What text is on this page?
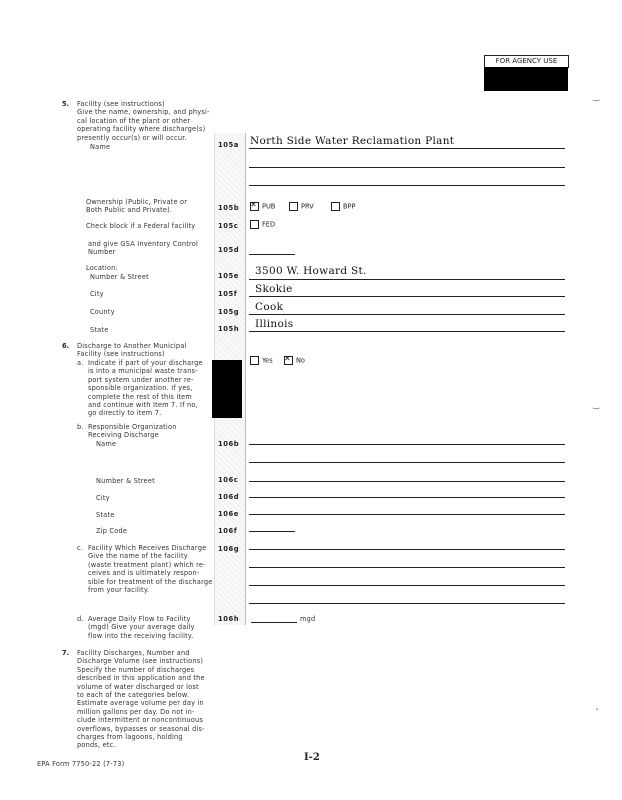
FOR AGENCY USE
5. Facility (see instructions)
Give the name, ownership, and physi-
cal location of the plant or other
operating facility where discharge(s)
presently occur(s) or will occur.
Name	105a North Side Water Reclamation Plant
Ownership (Public, Private or
Both Public and Private).	105b ✕	PUB	PRV	BPP
Check block if a Federal facility	105c	FED
and give GSA Inventory Control
Number	105d
Location:
Number & Street	105e 3500 W. Howard St.
City	105f Skokie
County	105g Cook
State	105h Illinois
6. Discharge to Another Municipal
Facility (see instructions)
a. Indicate if part of your discharge
is into a municipal waste trans-
port system under another re-
sponsible organization. If yes,
complete the rest of this item
and continue with Item 7. If no,
go directly to item 7.
Yes ✕	No
b. Responsible Organization
Receiving Discharge
Name	106b
Number & Street	106c
City	106d
State	106e
Zip Code	106f
c. Facility Which Receives Discharge
Give the name of the facility
(waste treatment plant) which re-
ceives and is ultimately respon-
sible for treatment of the discharge
from your facility.
106g
d. Average Daily Flow to Facility
(mgd) Give your average daily
flow into the receiving facility.
106h	mgd
7. Facility Discharges, Number and
Discharge Volume (see instructions)
Specify the number of discharges
described in this application and the
volume of water discharged or lost
to each of the categories below.
Estimate average volume per day in
million gallons per day. Do not in-
clude intermittent or noncontinuous
overflows, bypasses or seasonal dis-
charges from lagoons, holding
ponds, etc.
I-2
EPA Form 7750-22 (7-73)
‿
‿
ˇ
